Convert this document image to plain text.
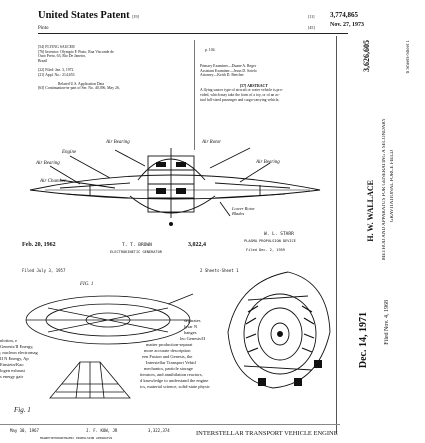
United States Patent [19]
Pinto
[11] 3,774,865
[45]	Nov. 27, 1973
[54] FLYING SAUCER
[76] Inventor: Olympio F. Pinto, Rua Visconde de
Ouro Preto, 63, Rio De Janeiro,
Brazil
[22] Filed: Jan. 3, 1972
[21] Appl. No.: 214,653
Related U.S. Application Data
[63] Continuation-in-part of Ser. No. 40,396, May 26,
p. 104.
Primary Examiner—Duane A. Reger
Assistant Examiner—Jesus D. Sotelo
Attorney—Keith D. Beecher
[57] ABSTRACT
A flying saucer type of aircraft or water vehicle is pro-
vided, which may take the form of a toy, or of an ac-
tual full-sized passenger and cargo-carrying vehicle,
Engine
Air Bearing
Air Bearing
Air Chamber
Air Bearing
Lower Rotor Blades
Air Rotor
3,626,605	6 Sheets-Sheet 1
METHOD AND APPARATUS FOR GENERATING A SECONDARY GRAVITATIONAL FORCE FIELD
H. W. WALLACE
Dec. 14, 1971	Filed Nov. 4, 1968
Feb. 20, 1962	T. T. BROWN
ELECTROKINETIC GENERATOR
3,022,4
W. L. STARR
PLASMA PROPULSION DEVICE
Filed Dec. 2, 1959
Filed July 3, 1957	2 Sheets-Sheet 1
FIG. 1
nlotion, e
Genesis/II Energy,
; nucleon electromag
II N Energy, Ap
Einstein/Kao
logen exhaust
s energy gair
Fig. 1
separates
lysar N
hanges
leo Genesis/II
matter production-separat
more accurate description
een Fusion and Genesis, the
Interstellar Transport Vehicl
mechanics, particle storage
iterators, and annihilation reactors,
d knowledge to understand the engine
ics, material science, solid-state physic
May 30, 1967	J. F. KOW, JR	3,322,374
MAGNETOHYDRODYNAMIC PROPULSION APPARATUS
INTERSTELLAR TRANSPORT VEHICLE ENGINE
